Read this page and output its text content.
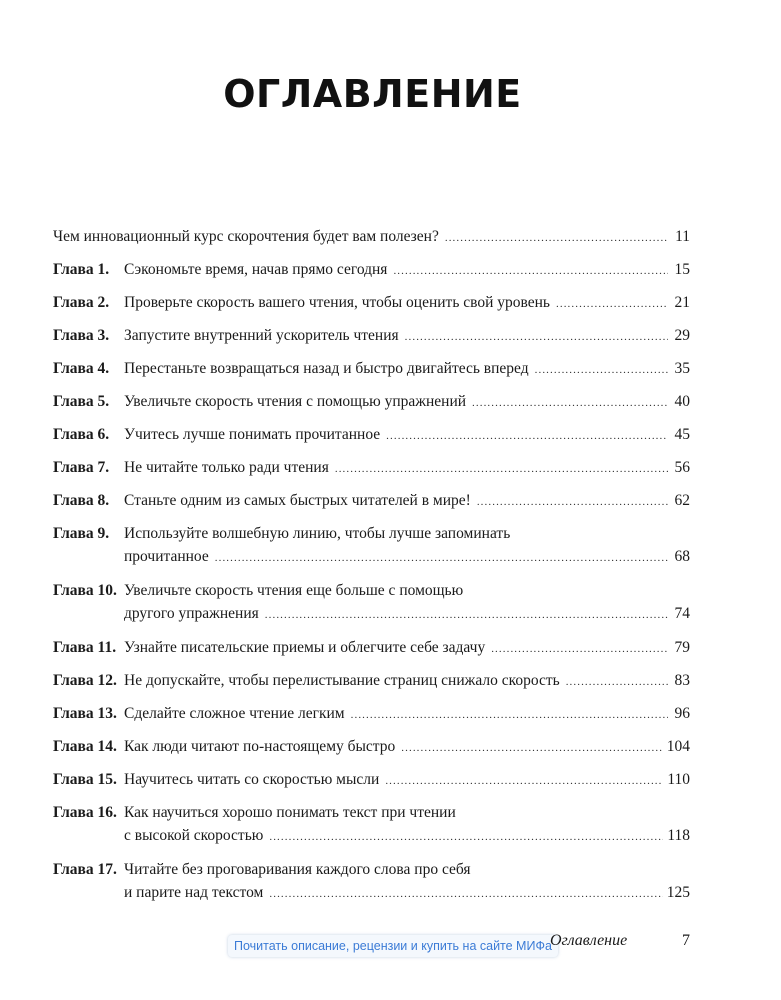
ОГЛАВЛЕНИЕ
Чем инновационный курс скорочтения будет вам полезен? .....	11
Глава 1. Сэкономьте время, начав прямо сегодня .....	15
Глава 2. Проверьте скорость вашего чтения, чтобы оценить свой уровень .....	21
Глава 3. Запустите внутренний ускоритель чтения .....	29
Глава 4. Перестаньте возвращаться назад и быстро двигайтесь вперед .....	35
Глава 5. Увеличьте скорость чтения с помощью упражнений .....	40
Глава 6. Учитесь лучше понимать прочитанное .....	45
Глава 7. Не читайте только ради чтения .....	56
Глава 8. Станьте одним из самых быстрых читателей в мире! .....	62
Глава 9. Используйте волшебную линию, чтобы лучше запоминать
прочитанное .....	68
Глава 10. Увеличьте скорость чтения еще больше с помощью
другого упражнения .....	74
Глава 11. Узнайте писательские приемы и облегчите себе задачу .....	79
Глава 12. Не допускайте, чтобы перелистывание страниц снижало скорость .....	83
Глава 13. Сделайте сложное чтение легким .....	96
Глава 14. Как люди читают по-настоящему быстро .....	104
Глава 15. Научитесь читать со скоростью мысли .....	110
Глава 16. Как научиться хорошо понимать текст при чтении
с высокой скоростью .....	118
Глава 17. Читайте без проговаривания каждого слова про себя
и парите над текстом .....	125
Почитать описание, рецензии и купить на сайте МИФа
Оглавление	7
